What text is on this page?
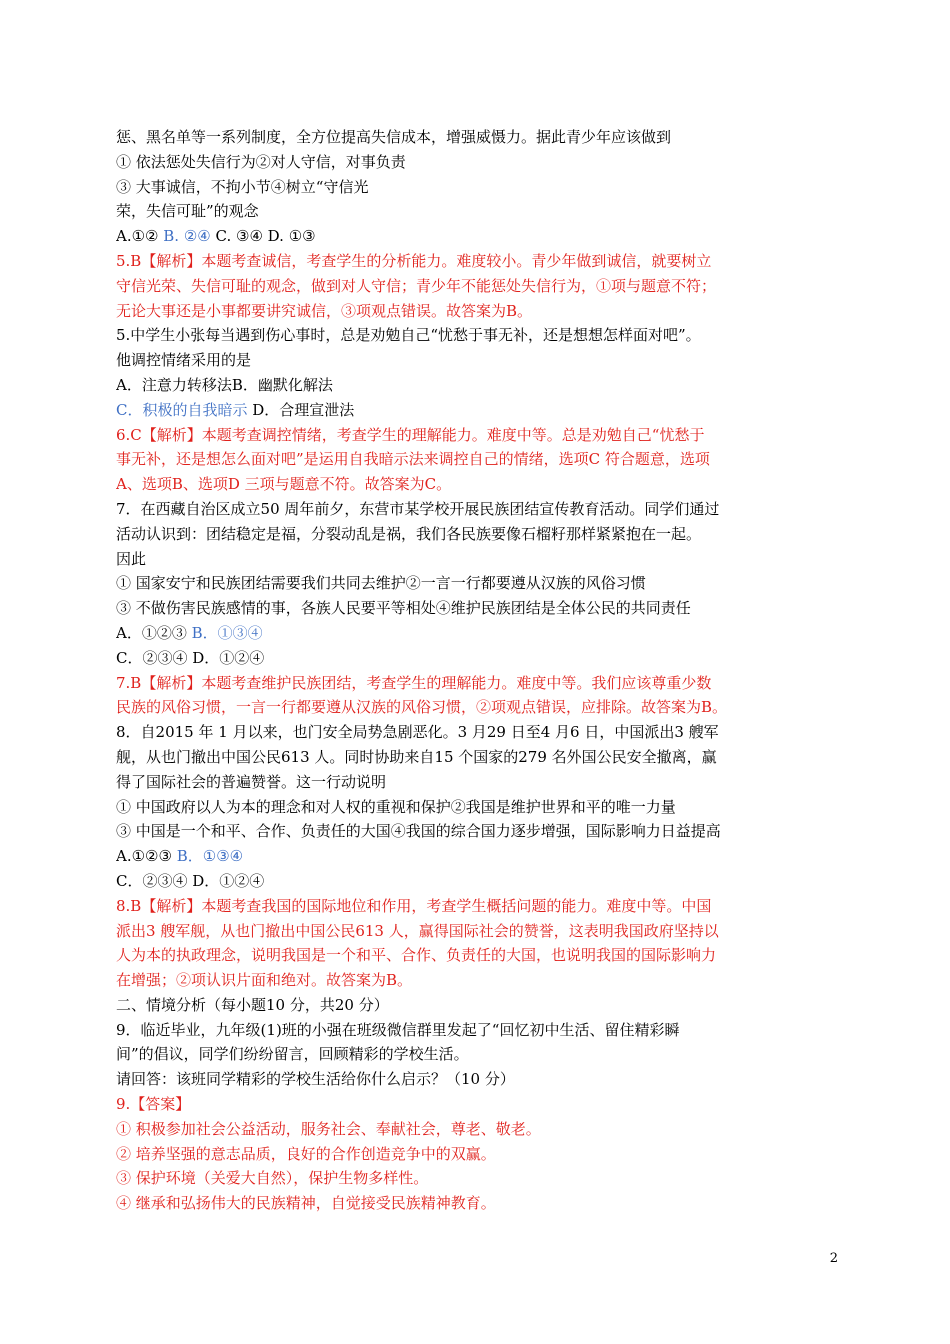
惩、黑名单等一系列制度，全方位提高失信成本，增强威慑力。据此青少年应该做到
① 依法惩处失信行为②对人守信，对事负责
③ 大事诚信，不拘小节④树立“守信光
荣，失信可耻”的观念
A.①② B. ②④ C. ③④ D. ①③
5.B【解析】本题考查诚信，考查学生的分析能力。难度较小。青少年做到诚信，就要树立
守信光荣、失信可耻的观念，做到对人守信；青少年不能惩处失信行为，①项与题意不符；
无论大事还是小事都要讲究诚信，③项观点错误。故答案为B。
5.中学生小张每当遇到伤心事时，总是劝勉自己“忧愁于事无补，还是想想怎样面对吧”。
他调控情绪采用的是
A．注意力转移法B．幽默化解法
C．积极的自我暗示 D．合理宣泄法
6.C【解析】本题考查调控情绪，考查学生的理解能力。难度中等。总是劝勉自己“忧愁于
事无补，还是想怎么面对吧”是运用自我暗示法来调控自己的情绪，选项C 符合题意，选项
A、选项B、选项D 三项与题意不符。故答案为C。
7．在西藏自治区成立50 周年前夕，东营市某学校开展民族团结宣传教育活动。同学们通过
活动认识到：团结稳定是福，分裂动乱是祸，我们各民族要像石榴籽那样紧紧抱在一起。
因此
① 国家安宁和民族团结需要我们共同去维护②一言一行都要遵从汉族的风俗习惯
③ 不做伤害民族感情的事，各族人民要平等相处④维护民族团结是全体公民的共同责任
A．①②③ B．①③④
C．②③④ D．①②④
7.B【解析】本题考查维护民族团结，考查学生的理解能力。难度中等。我们应该尊重少数
民族的风俗习惯，一言一行都要遵从汉族的风俗习惯，②项观点错误，应排除。故答案为B。
8．自2015 年 1 月以来，也门安全局势急剧恶化。3 月29 日至4 月6 日，中国派出3 艘军
舰，从也门撤出中国公民613 人。同时协助来自15 个国家的279 名外国公民安全撤离，赢
得了国际社会的普遍赞誉。这一行动说明
① 中国政府以人为本的理念和对人权的重视和保护②我国是维护世界和平的唯一力量
③ 中国是一个和平、合作、负责任的大国④我国的综合国力逐步增强，国际影响力日益提高
A.①②③ B．①③④
C．②③④ D．①②④
8.B【解析】本题考查我国的国际地位和作用，考查学生概括问题的能力。难度中等。中国
派出3 艘军舰，从也门撤出中国公民613 人，赢得国际社会的赞誉，这表明我国政府坚持以
人为本的执政理念，说明我国是一个和平、合作、负责任的大国，也说明我国的国际影响力
在增强；②项认识片面和绝对。故答案为B。
二、情境分析（每小题10 分，共20 分）
9．临近毕业，九年级(1)班的小强在班级微信群里发起了“回忆初中生活、留住精彩瞬
间”的倡议，同学们纷纷留言，回顾精彩的学校生活。
请回答：该班同学精彩的学校生活给你什么启示？（10 分）
9.【答案】
① 积极参加社会公益活动，服务社会、奉献社会，尊老、敬老。
② 培养坚强的意志品质，良好的合作创造竞争中的双赢。
③ 保护环境（关爱大自然），保护生物多样性。
④ 继承和弘扬伟大的民族精神，自觉接受民族精神教育。
2
